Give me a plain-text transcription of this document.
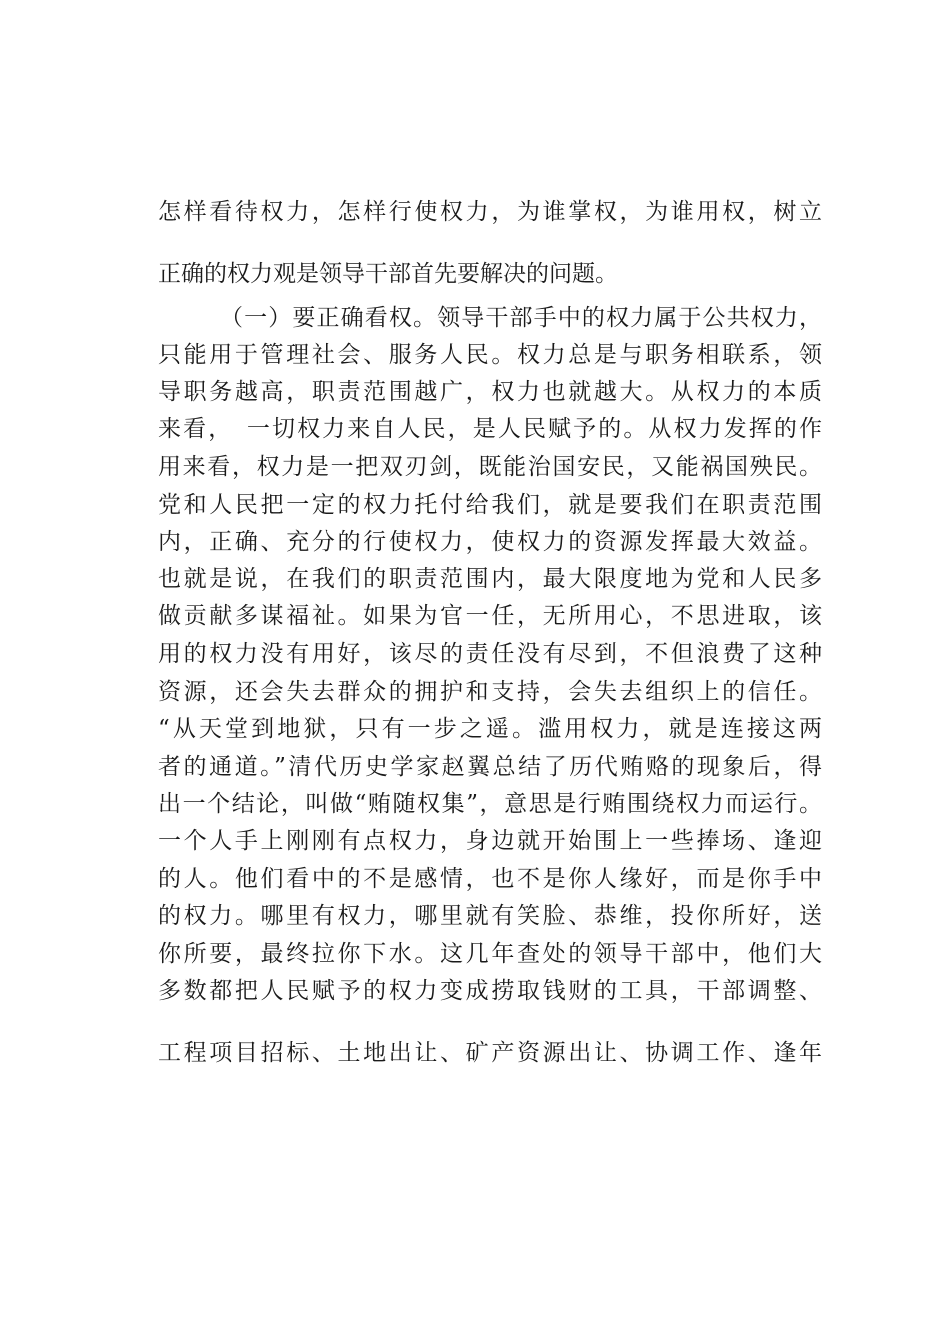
怎样看待权力，怎样行使权力，为谁掌权，为谁用权，树立
正确的权力观是领导干部首先要解决的问题。
（一）要正确看权。领导干部手中的权力属于公共权力，
只能用于管理社会、服务人民。权力总是与职务相联系，领
导职务越高，职责范围越广，权力也就越大。从权力的本质
来看，　一切权力来自人民，是人民赋予的。从权力发挥的作
用来看，权力是一把双刃剑，既能治国安民，又能祸国殃民。
党和人民把一定的权力托付给我们，就是要我们在职责范围
内，正确、充分的行使权力，使权力的资源发挥最大效益。
也就是说，在我们的职责范围内，最大限度地为党和人民多
做贡献多谋福祉。如果为官一任，无所用心，不思进取，该
用的权力没有用好，该尽的责任没有尽到，不但浪费了这种
资源，还会失去群众的拥护和支持，会失去组织上的信任。
“从天堂到地狱，只有一步之遥。滥用权力，就是连接这两
者的通道。”清代历史学家赵翼总结了历代贿赂的现象后，得
出一个结论，叫做“贿随权集”，意思是行贿围绕权力而运行。
一个人手上刚刚有点权力，身边就开始围上一些捧场、逢迎
的人。他们看中的不是感情，也不是你人缘好，而是你手中
的权力。哪里有权力，哪里就有笑脸、恭维，投你所好，送
你所要，最终拉你下水。这几年查处的领导干部中，他们大
多数都把人民赋予的权力变成捞取钱财的工具，干部调整、
工程项目招标、土地出让、矿产资源出让、协调工作、逢年
